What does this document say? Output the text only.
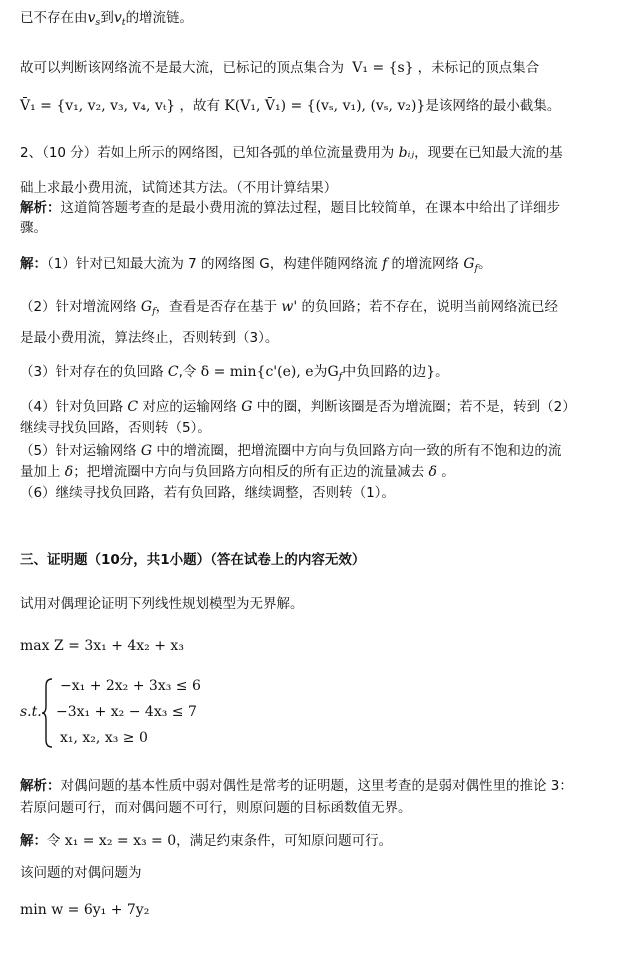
已不存在由$v_s$到$v_t$的增流链。
故可以判断该网络流不是最大流，已标记的顶点集合为 V₁ = {s} ，未标记的顶点集合
V̄₁ = {v₁, v₂, v₃, v₄, vₜ} ，故有 K(V₁, V̄₁) = {(vₛ, v₁), (vₛ, v₂)}是该网络的最小截集。
2、（10 分）若如上所示的网络图，已知各弧的单位流量费用为 bᵢⱼ，现要在已知最大流的基
础上求最小费用流，试简述其方法。（不用计算结果）
解析：这道简答题考查的是最小费用流的算法过程，题目比较简单，在课本中给出了详细步
骤。
解：（1）针对已知最大流为 7 的网络图 G，构建伴随网络流 f 的增流网络 $G_f$。
（2）针对增流网络 $G_f$，查看是否存在基于 w' 的负回路；若不存在，说明当前网络流已经
是最小费用流，算法终止，否则转到（3）。
（3）针对存在的负回路 C,令 δ = min{c'(e), e为$G_f$中负回路的边}。
（4）针对负回路 C 对应的运输网络 G 中的圈，判断该圈是否为增流圈；若不是，转到（2）
继续寻找负回路，否则转（5）。
（5）针对运输网络 G 中的增流圈，把增流圈中方向与负回路方向一致的所有不饱和边的流
量加上 δ；把增流圈中方向与负回路方向相反的所有正边的流量减去 δ 。
（6）继续寻找负回路，若有负回路，继续调整，否则转（1）。
三、证明题（10分，共1小题）（答在试卷上的内容无效）
试用对偶理论证明下列线性规划模型为无界解。
max Z = 3x₁ + 4x₂ + x₃
s.t.
−x₁ + 2x₂ + 3x₃ ≤ 6
−3x₁ + x₂ − 4x₃ ≤ 7
x₁, x₂, x₃ ≥ 0
解析：对偶问题的基本性质中弱对偶性是常考的证明题，这里考查的是弱对偶性里的推论 3：
若原问题可行，而对偶问题不可行，则原问题的目标函数值无界。
解：令 x₁ = x₂ = x₃ = 0，满足约束条件，可知原问题可行。
该问题的对偶问题为
min w = 6y₁ + 7y₂
